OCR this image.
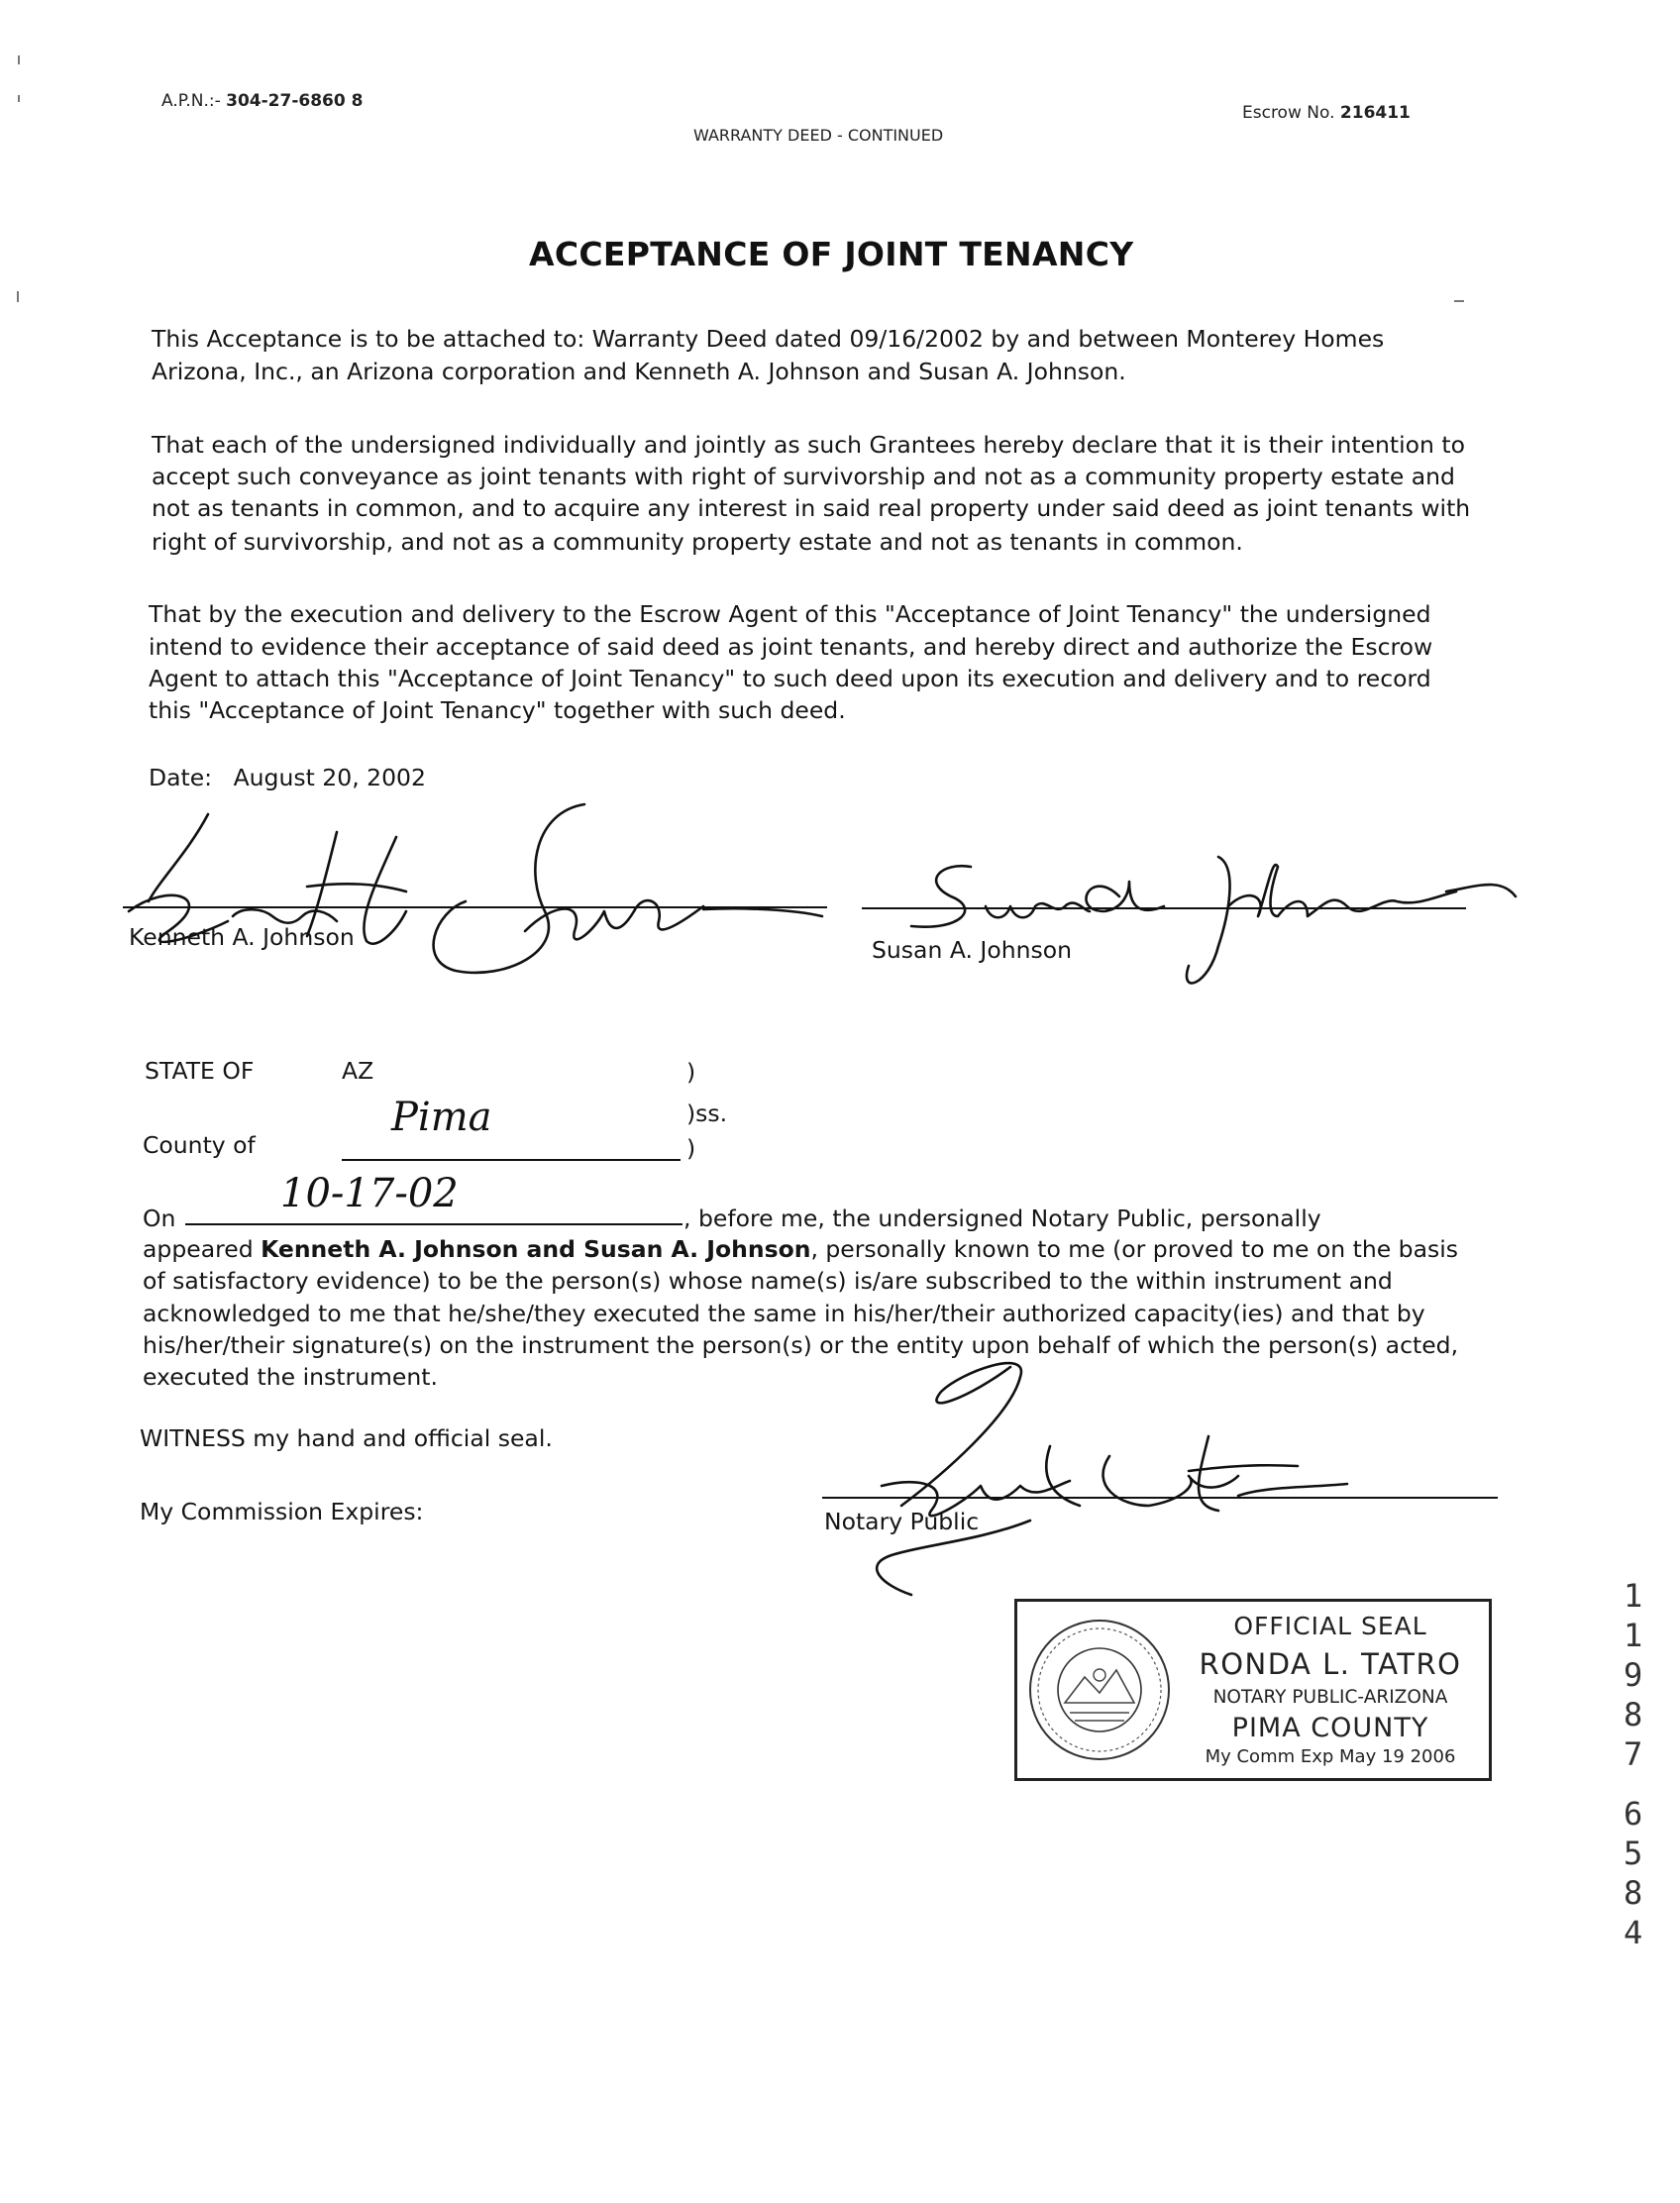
A.P.N.:- 304-27-6860 8
WARRANTY DEED - CONTINUED
Escrow No. 216411
ACCEPTANCE OF JOINT TENANCY
This Acceptance is to be attached to: Warranty Deed dated 09/16/2002 by and between Monterey Homes
Arizona, Inc., an Arizona corporation and Kenneth A. Johnson and Susan A. Johnson.
That each of the undersigned individually and jointly as such Grantees hereby declare that it is their intention to
accept such conveyance as joint tenants with right of survivorship and not as a community property estate and
not as tenants in common, and to acquire any interest in said real property under said deed as joint tenants with
right of survivorship, and not as a community property estate and not as tenants in common.
That by the execution and delivery to the Escrow Agent of this "Acceptance of Joint Tenancy" the undersigned
intend to evidence their acceptance of said deed as joint tenants, and hereby direct and authorize the Escrow
Agent to attach this "Acceptance of Joint Tenancy" to such deed upon its execution and delivery and to record
this "Acceptance of Joint Tenancy" together with such deed.
Date: August 20, 2002
Kenneth A. Johnson	Susan A. Johnson
STATE OF	AZ	)
)ss.
County of
Pima
)
On
10-17-02
, before me, the undersigned Notary Public, personally
appeared Kenneth A. Johnson and Susan A. Johnson, personally known to me (or proved to me on the basis
of satisfactory evidence) to be the person(s) whose name(s) is/are subscribed to the within instrument and
acknowledged to me that he/she/they executed the same in his/her/their authorized capacity(ies) and that by
his/her/their signature(s) on the instrument the person(s) or the entity upon behalf of which the person(s) acted,
executed the instrument.
WITNESS my hand and official seal.
My Commission Expires:	Notary Public
OFFICIAL SEAL
RONDA L. TATRO
NOTARY PUBLIC-ARIZONA
PIMA COUNTY
My Comm Exp May 19 2006
1
1
9
8
7
6
5
8
4
